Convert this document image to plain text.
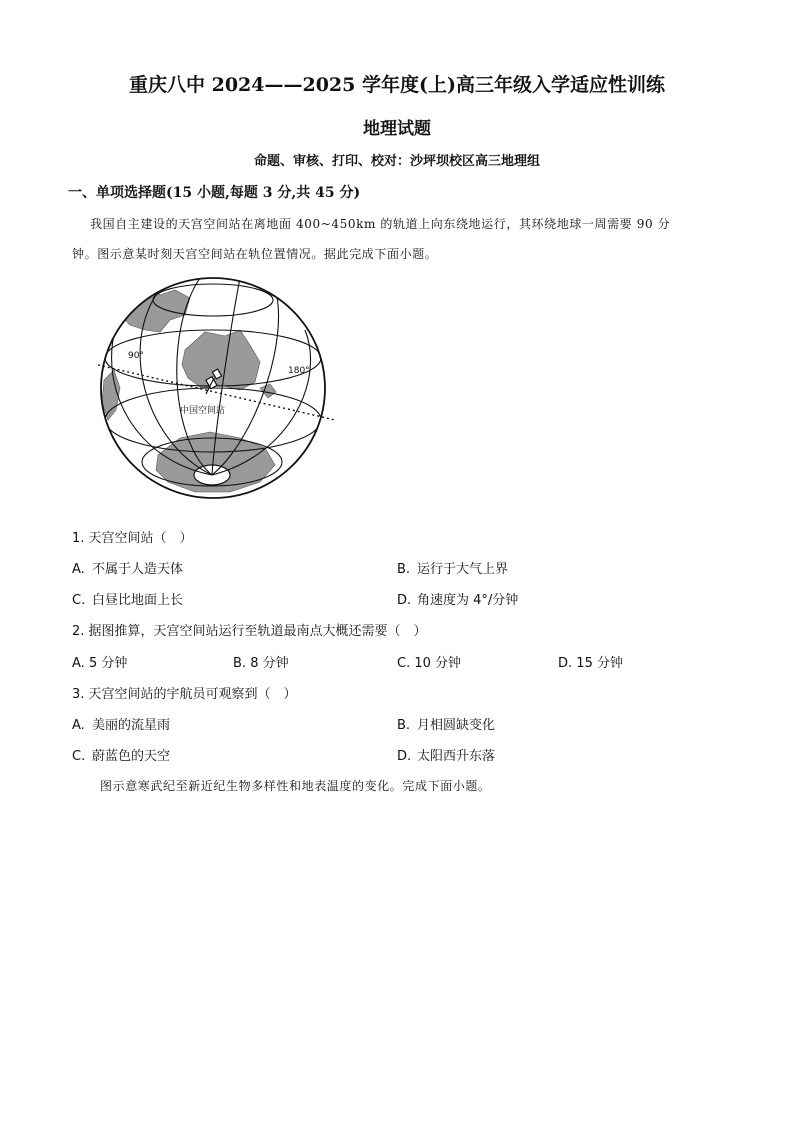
重庆八中 2024——2025 学年度(上)高三年级入学适应性训练
地理试题
命题、审核、打印、校对：沙坪坝校区高三地理组
一、单项选择题(15 小题,每题 3 分,共 45 分)
我国自主建设的天宫空间站在离地面 400~450km 的轨道上向东绕地运行，其环绕地球一周需要 90 分
钟。图示意某时刻天宫空间站在轨位置情况。据此完成下面小题。
90°
180°
中国空间站
1. 天宫空间站（　）
A. 不属于人造天体	B. 运行于大气上界
C. 白昼比地面上长	D. 角速度为 4°/分钟
2. 据图推算，天宫空间站运行至轨道最南点大概还需要（　）
A. 5 分钟	B. 8 分钟	C. 10 分钟	D. 15 分钟
3. 天宫空间站的宇航员可观察到（　）
A. 美丽的流星雨	B. 月相圆缺变化
C. 蔚蓝色的天空	D. 太阳西升东落
图示意寒武纪至新近纪生物多样性和地表温度的变化。完成下面小题。
